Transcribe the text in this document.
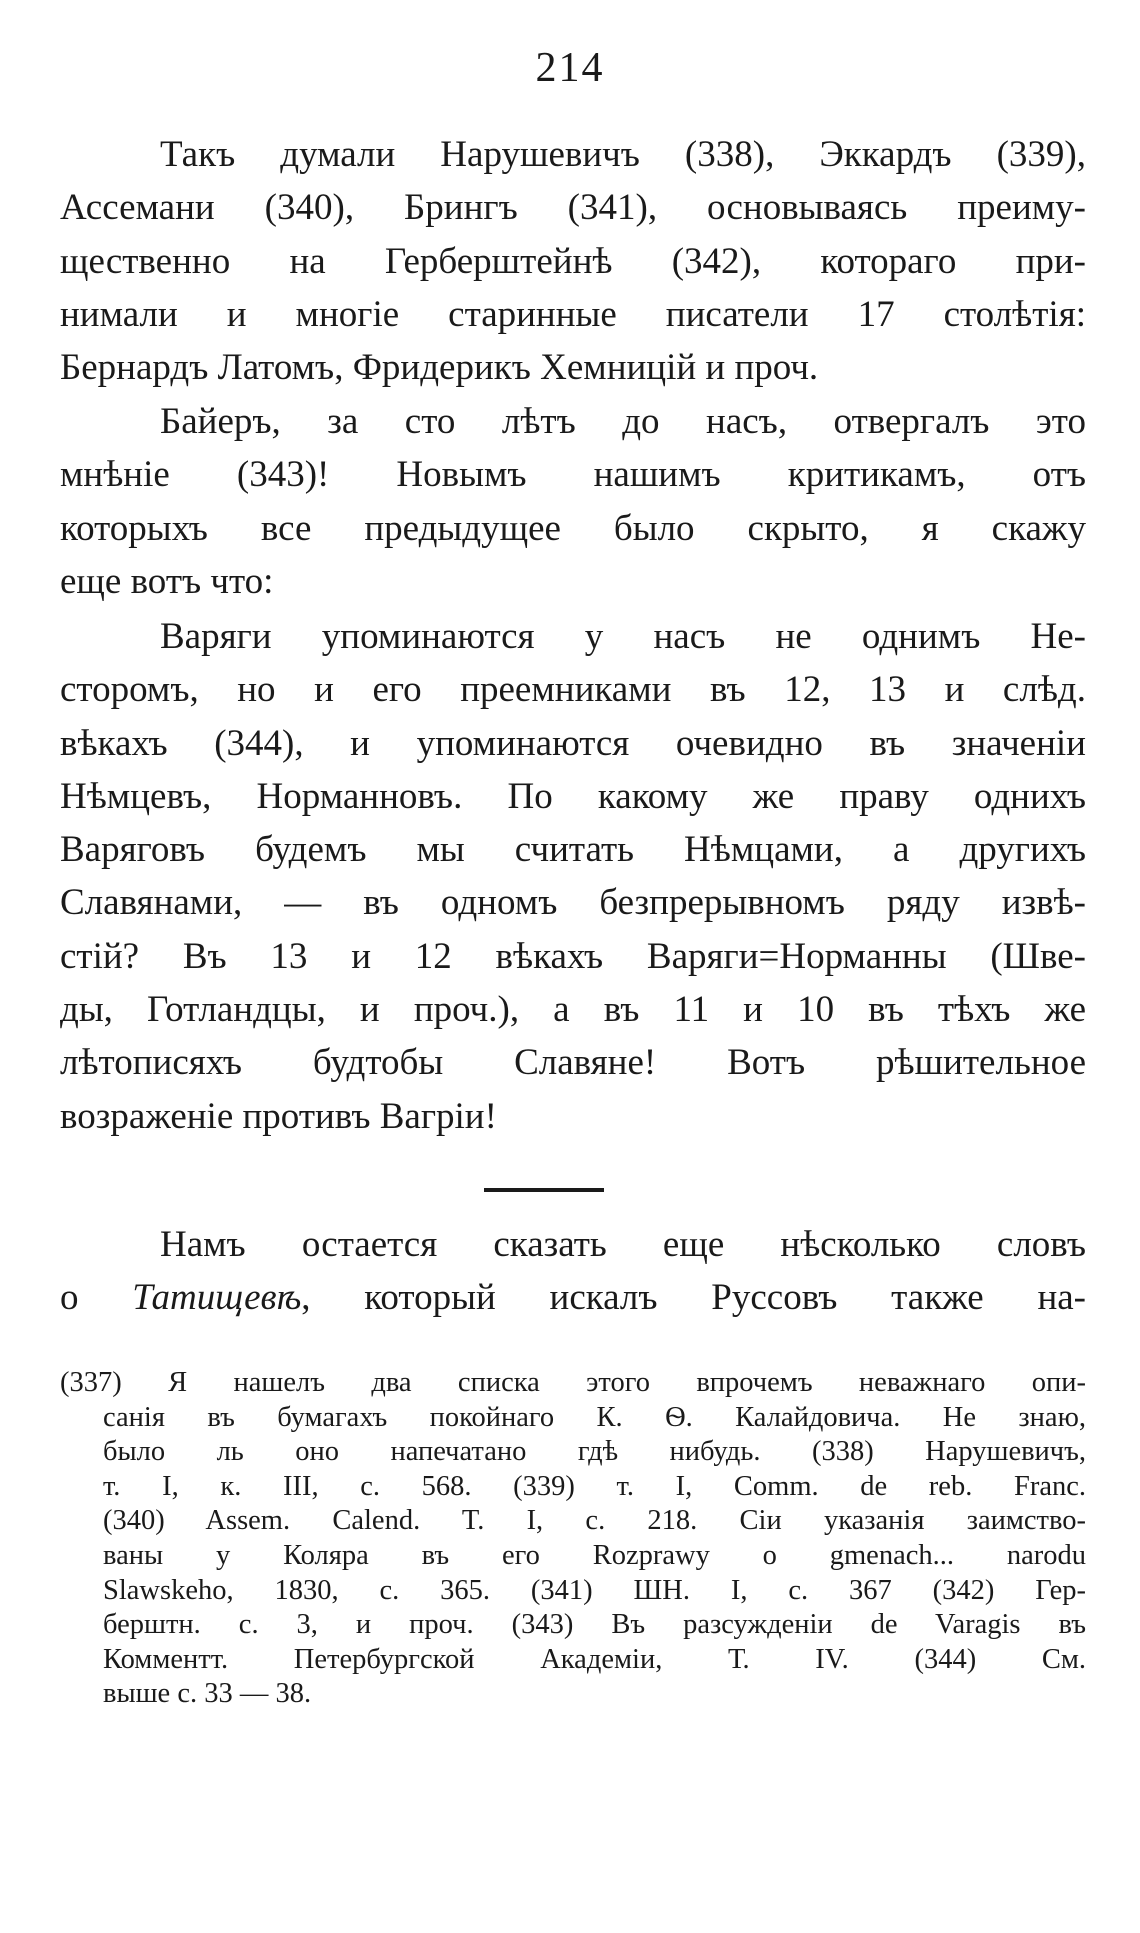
214
Такъ думали Нарушевичъ (338), Эккардъ (339),
Ассемани (340), Брингъ (341), основываясь преиму-
щественно на Герберштейнѣ (342), котораго при-
нимали и многіе старинные писатели 17 столѣтія:
Бернардъ Латомъ, Фридерикъ Хемницій и проч.
Байеръ, за сто лѣтъ до насъ, отвергалъ это
мнѣніе (343)! Новымъ нашимъ критикамъ, отъ
которыхъ все предыдущее было скрыто, я скажу
еще вотъ что:
Варяги упоминаются у насъ не однимъ Не-
сторомъ, но и его преемниками въ 12, 13 и слѣд.
вѣкахъ (344), и упоминаются очевидно въ значеніи
Нѣмцевъ, Норманновъ. По какому же праву однихъ
Варяговъ будемъ мы считать Нѣмцами, а другихъ
Славянами, — въ одномъ безпрерывномъ ряду извѣ-
стій? Въ 13 и 12 вѣкахъ Варяги=Норманны (Шве-
ды, Готландцы, и проч.), а въ 11 и 10 въ тѣхъ же
лѣтописяхъ будтобы Славяне! Вотъ рѣшительное
возраженіе противъ Вагріи!
Намъ остается сказать еще нѣсколько словъ
о Татищевѣ, который искалъ Руссовъ также на-
(337) Я нашелъ два списка этого впрочемъ неважнаго опи-
санія въ бумагахъ покойнаго К. Ѳ. Калайдовича. Не знаю,
было ль оно напечатано гдѣ нибудь. (338) Нарушевичъ,
т. I, к. III, с. 568. (339) т. I, Comm. de reb. Franc.
(340) Assem. Calend. T. I, c. 218. Сіи указанія заимство-
ваны у Коляра въ его Rozprawy o gmenach... narodu
Slawskeho, 1830, c. 365. (341) ШН. I, с. 367 (342) Гер-
берштн. с. 3, и проч. (343) Въ разсужденіи de Varagis въ
Комментт. Петербургской Академіи, Т. IV. (344) См.
выше с. 33 — 38.
